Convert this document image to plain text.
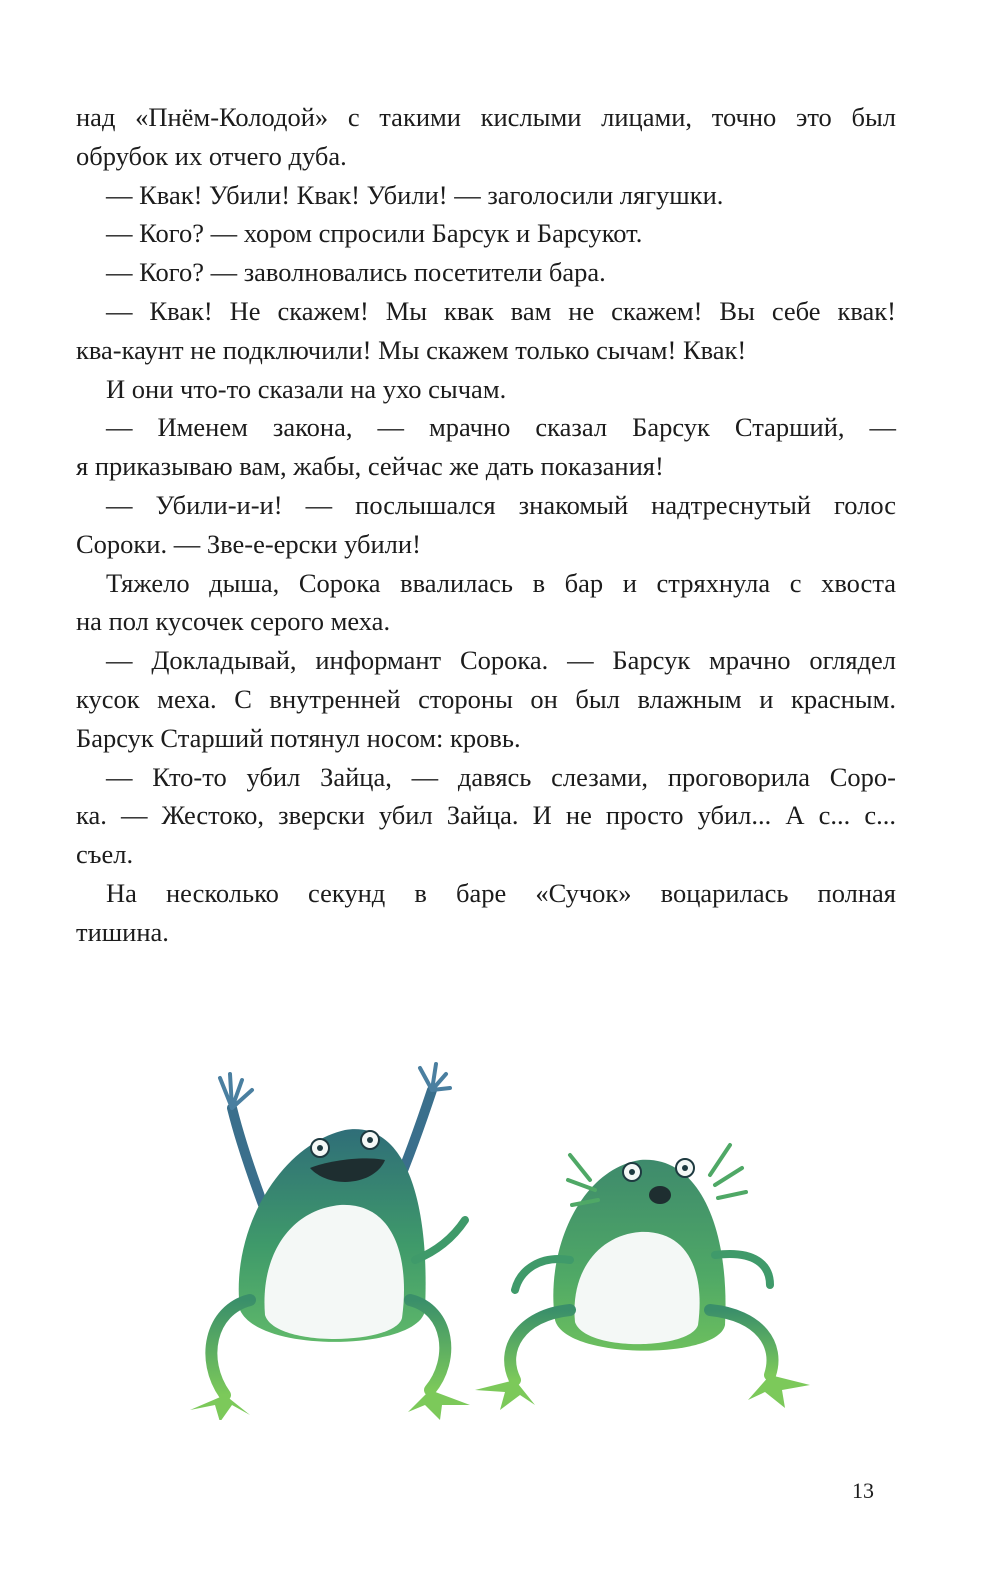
над «Пнём-Колодой» с такими кислыми лицами, точно это был
обрубок их отчего дуба.

— Квак! Убили! Квак! Убили! — заголосили лягушки.

— Кого? — хором спросили Барсук и Барсукот.

— Кого? — заволновались посетители бара.

— Квак! Не скажем! Мы квак вам не скажем! Вы себе квак!
ква-каунт не подключили! Мы скажем только сычам! Квак!

И они что-то сказали на ухо сычам.

— Именем закона, — мрачно сказал Барсук Старший, —
я приказываю вам, жабы, сейчас же дать показания!

— Убили-и-и! — послышался знакомый надтреснутый голос
Сороки. — Зве-е-ерски убили!

Тяжело дыша, Сорока ввалилась в бар и стряхнула с хвоста
на пол кусочек серого меха.

— Докладывай, информант Сорока. — Барсук мрачно оглядел
кусок меха. С внутренней стороны он был влажным и красным.
Барсук Старший потянул носом: кровь.

— Кто-то убил Зайца, — давясь слезами, проговорила Соро-
ка. — Жестоко, зверски убил Зайца. И не просто убил... А с... с...
съел.

На несколько секунд в баре «Сучок» воцарилась полная
тишина.

13
